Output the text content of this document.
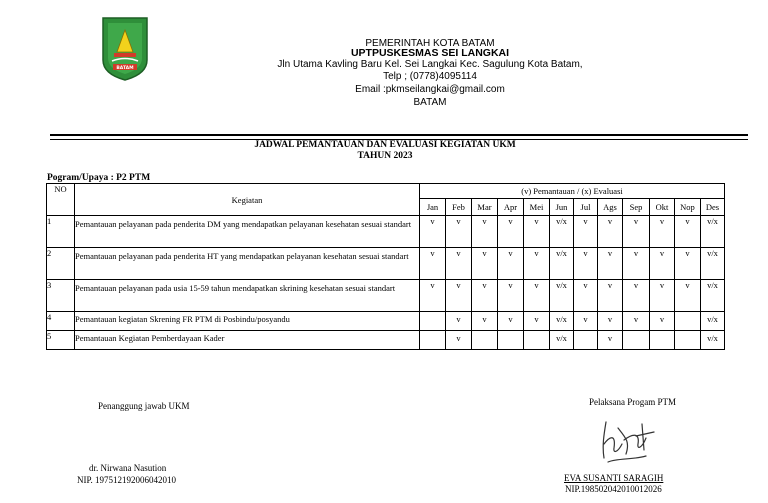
BATAM
PEMERINTAH KOTA BATAM
UPTPUSKESMAS SEI LANGKAI
Jln Utama Kavling Baru Kel. Sei Langkai Kec. Sagulung Kota Batam,
Telp ; (0778)4095114
Email :pkmseilangkai@gmail.com
BATAM
JADWAL PEMANTAUAN DAN EVALUASI KEGIATAN UKM
TAHUN 2023
Pogram/Upaya : P2 PTM
NO	Kegiatan	(v) Pemantauan / (x) Evaluasi											
		Jan	Feb	Mar	Apr	Mei	Jun	Jul	Ags	Sep	Okt	Nop	Des
1	Pemantauan pelayanan pada penderita DM yang mendapatkan pelayanan kesehatan sesuai standart	v	v	v	v	v	v/x	v	v	v	v	v	v/x
2	Pemantauan pelayanan pada penderita HT yang mendapatkan pelayanan kesehatan sesuai standart	v	v	v	v	v	v/x	v	v	v	v	v	v/x
3	Pemantauan pelayanan pada usia 15-59 tahun mendapatkan skrining kesehatan sesuai standart	v	v	v	v	v	v/x	v	v	v	v	v	v/x
4	Pemantauan kegiatan Skrening FR PTM di Posbindu/posyandu		v	v	v	v	v/x	v	v	v	v		v/x
5	Pemantauan Kegiatan Pemberdayaan Kader		v				v/x		v				v/x
Penanggung jawab UKM
dr. Nirwana Nasution
NIP. 197512192006042010
Pelaksana Progam PTM
EVA SUSANTI SARAGIH
NIP.198502042010012026
